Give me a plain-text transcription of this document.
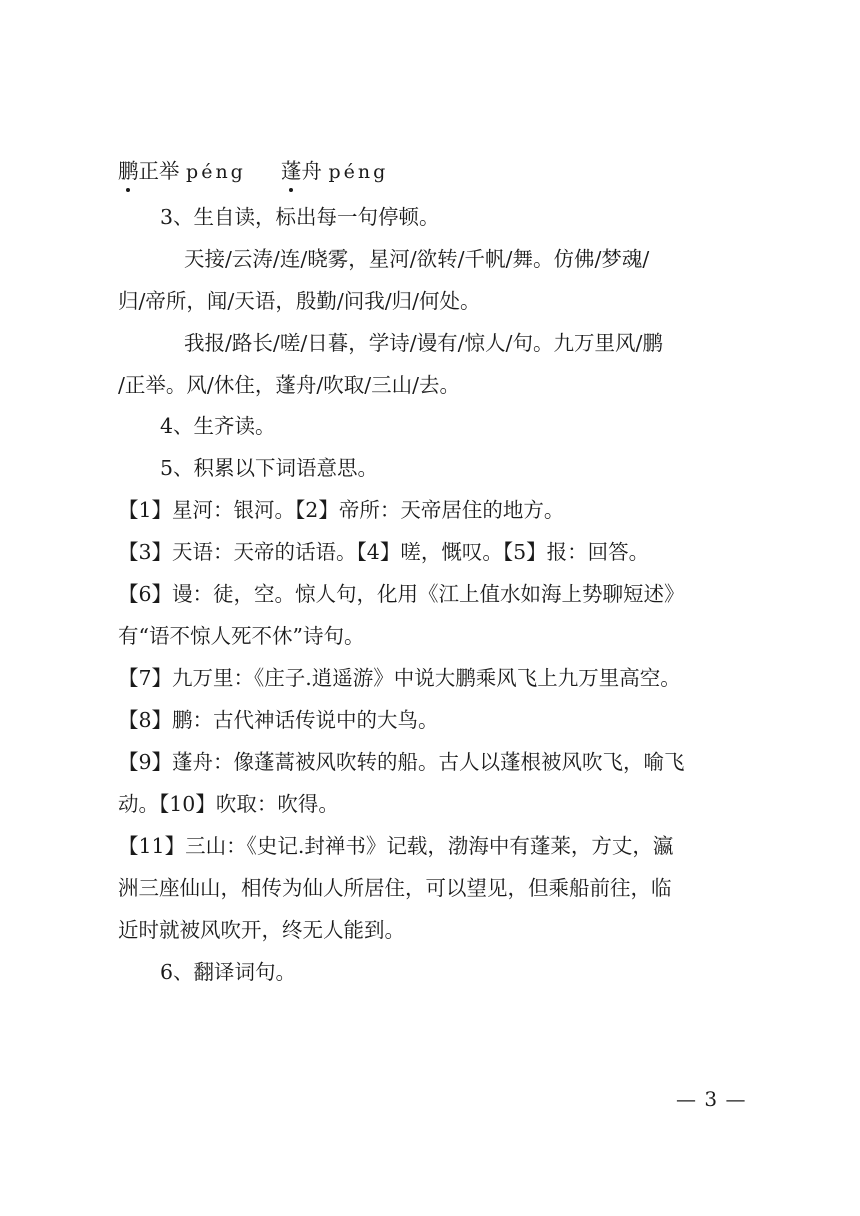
鹏正举 péng 蓬舟 péng
3、生自读，标出每一句停顿。
天接/云涛/连/晓雾，星河/欲转/千帆/舞。仿佛/梦魂/
归/帝所，闻/天语，殷勤/问我/归/何处。
我报/路长/嗟/日暮，学诗/谩有/惊人/句。九万里风/鹏
/正举。风/休住，蓬舟/吹取/三山/去。
4、生齐读。
5、积累以下词语意思。
【1】星河：银河。【2】帝所：天帝居住的地方。
【3】天语：天帝的话语。【4】嗟，慨叹。【5】报：回答。
【6】谩：徒，空。惊人句，化用《江上值水如海上势聊短述》
有“语不惊人死不休”诗句。
【7】九万里：《庄子.逍遥游》中说大鹏乘风飞上九万里高空。
【8】鹏：古代神话传说中的大鸟。
【9】蓬舟：像蓬蒿被风吹转的船。古人以蓬根被风吹飞，喻飞
动。【10】吹取：吹得。
【11】三山：《史记.封禅书》记载，渤海中有蓬莱，方丈，瀛
洲三座仙山，相传为仙人所居住，可以望见，但乘船前往，临
近时就被风吹开，终无人能到。
6、翻译词句。
— 3 —
